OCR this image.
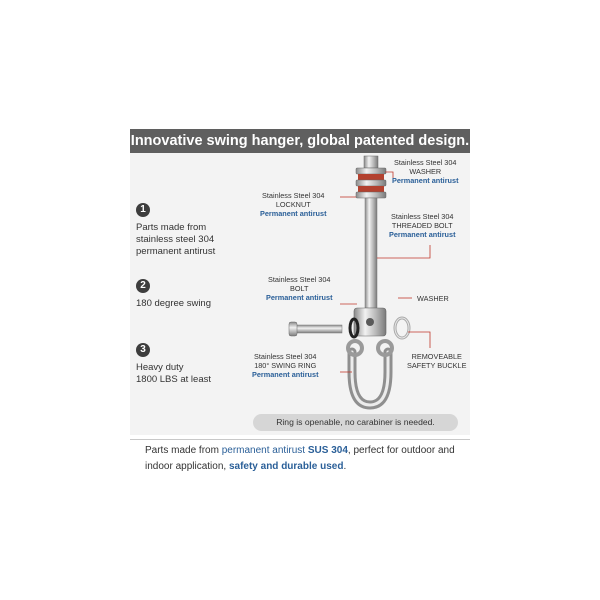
Innovative swing hanger, global patented design.
1
Parts made from
stainless steel 304
permanent antirust
2
180 degree swing
3
Heavy duty
1800 LBS at least
Stainless Steel 304
WASHER
Permanent antirust
Stainless Steel 304
LOCKNUT
Permanent antirust	Stainless Steel 304
THREADED BOLT
Permanent antirust
Stainless Steel 304
BOLT
Permanent antirust	WASHER
Stainless Steel 304
180° SWING RING
Permanent antirust
REMOVEABLE
SAFETY BUCKLE
Ring is openable, no carabiner is needed.
Parts made from permanent antirust SUS 304, perfect for outdoor and indoor application, safety and durable used.
